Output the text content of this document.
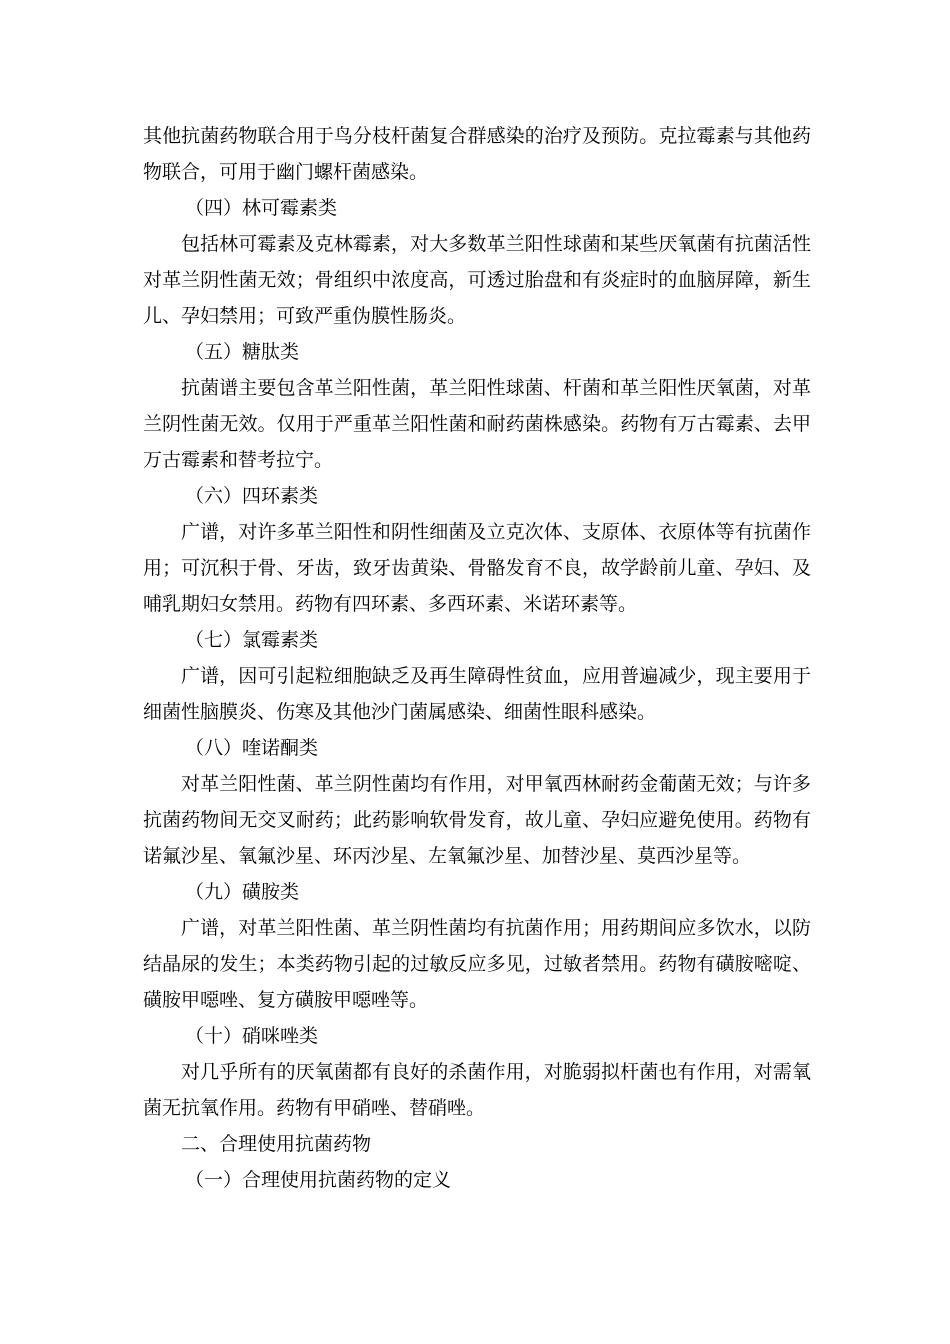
其他抗菌药物联合用于鸟分枝杆菌复合群感染的治疗及预防。克拉霉素与其他药物联合，可用于幽门螺杆菌感染。

（四）林可霉素类

包括林可霉素及克林霉素，对大多数革兰阳性球菌和某些厌氧菌有抗菌活性对革兰阴性菌无效；骨组织中浓度高，可透过胎盘和有炎症时的血脑屏障，新生儿、孕妇禁用；可致严重伪膜性肠炎。

（五）糖肽类

抗菌谱主要包含革兰阳性菌，革兰阳性球菌、杆菌和革兰阳性厌氧菌，对革兰阴性菌无效。仅用于严重革兰阳性菌和耐药菌株感染。药物有万古霉素、去甲万古霉素和替考拉宁。

（六）四环素类

广谱，对许多革兰阳性和阴性细菌及立克次体、支原体、衣原体等有抗菌作用；可沉积于骨、牙齿，致牙齿黄染、骨骼发育不良，故学龄前儿童、孕妇、及哺乳期妇女禁用。药物有四环素、多西环素、米诺环素等。

（七）氯霉素类

广谱，因可引起粒细胞缺乏及再生障碍性贫血，应用普遍减少，现主要用于细菌性脑膜炎、伤寒及其他沙门菌属感染、细菌性眼科感染。

（八）喹诺酮类

对革兰阳性菌、革兰阴性菌均有作用，对甲氧西林耐药金葡菌无效；与许多抗菌药物间无交叉耐药；此药影响软骨发育，故儿童、孕妇应避免使用。药物有诺氟沙星、氧氟沙星、环丙沙星、左氧氟沙星、加替沙星、莫西沙星等。

（九）磺胺类

广谱，对革兰阳性菌、革兰阴性菌均有抗菌作用；用药期间应多饮水，以防结晶尿的发生；本类药物引起的过敏反应多见，过敏者禁用。药物有磺胺嘧啶、磺胺甲噁唑、复方磺胺甲噁唑等。

（十）硝咪唑类

对几乎所有的厌氧菌都有良好的杀菌作用，对脆弱拟杆菌也有作用，对需氧菌无抗氧作用。药物有甲硝唑、替硝唑。

二、合理使用抗菌药物

（一）合理使用抗菌药物的定义
